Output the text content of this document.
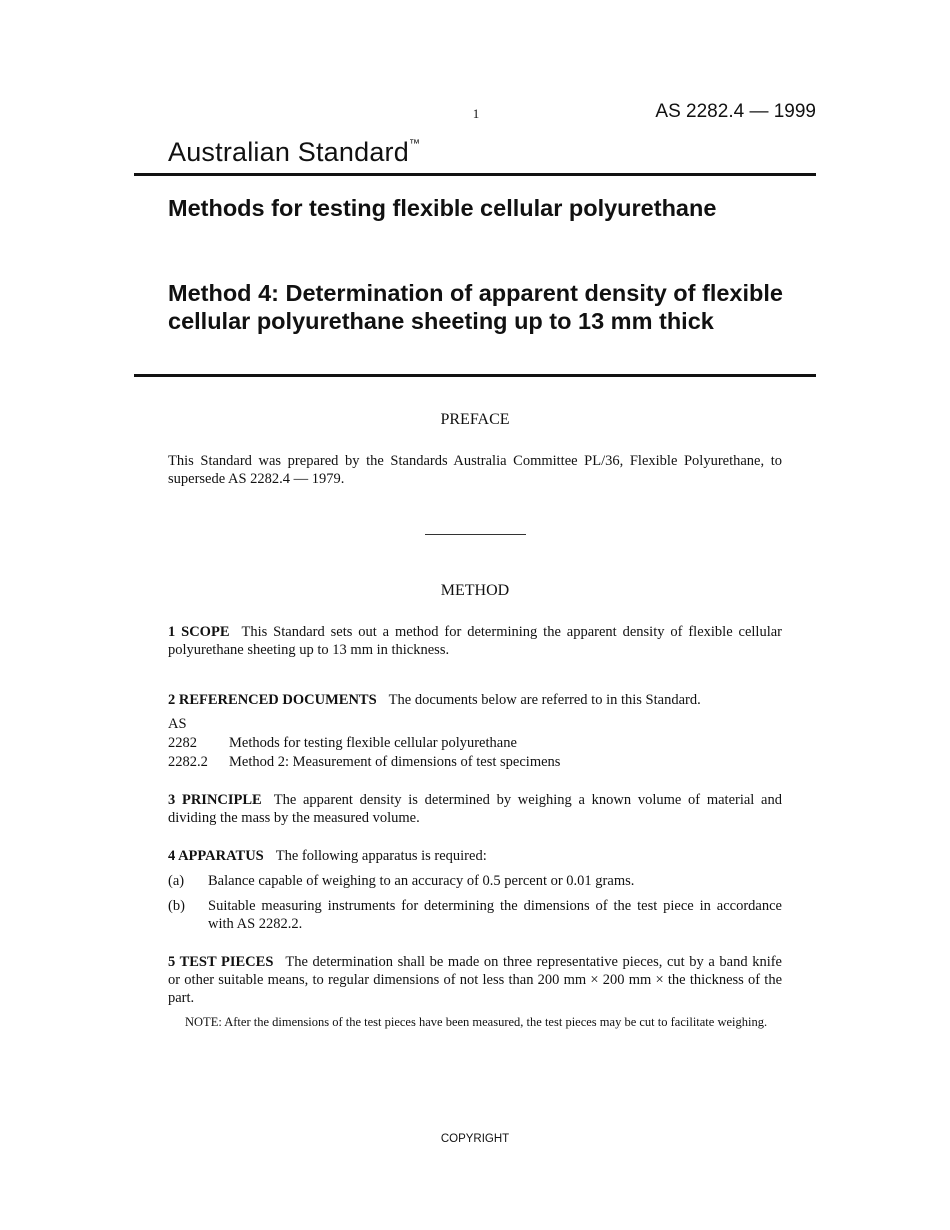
1	AS 2282.4 — 1999
Australian Standard™
Methods for testing flexible cellular polyurethane
Method 4: Determination of apparent density of flexible cellular polyurethane sheeting up to 13 mm thick
PREFACE
This Standard was prepared by the Standards Australia Committee PL/36, Flexible Polyurethane, to supersede AS 2282.4 — 1979.
METHOD
1 SCOPE This Standard sets out a method for determining the apparent density of flexible cellular polyurethane sheeting up to 13 mm in thickness.
2 REFERENCED DOCUMENTS The documents below are referred to in this Standard.
AS
2282	Methods for testing flexible cellular polyurethane
2282.2	Method 2: Measurement of dimensions of test specimens
3 PRINCIPLE The apparent density is determined by weighing a known volume of material and dividing the mass by the measured volume.
4 APPARATUS The following apparatus is required:
(a)	Balance capable of weighing to an accuracy of 0.5 percent or 0.01 grams.
(b)	Suitable measuring instruments for determining the dimensions of the test piece in accordance with AS 2282.2.
5 TEST PIECES The determination shall be made on three representative pieces, cut by a band knife or other suitable means, to regular dimensions of not less than 200 mm × 200 mm × the thickness of the part.
NOTE: After the dimensions of the test pieces have been measured, the test pieces may be cut to facilitate weighing.
COPYRIGHT
